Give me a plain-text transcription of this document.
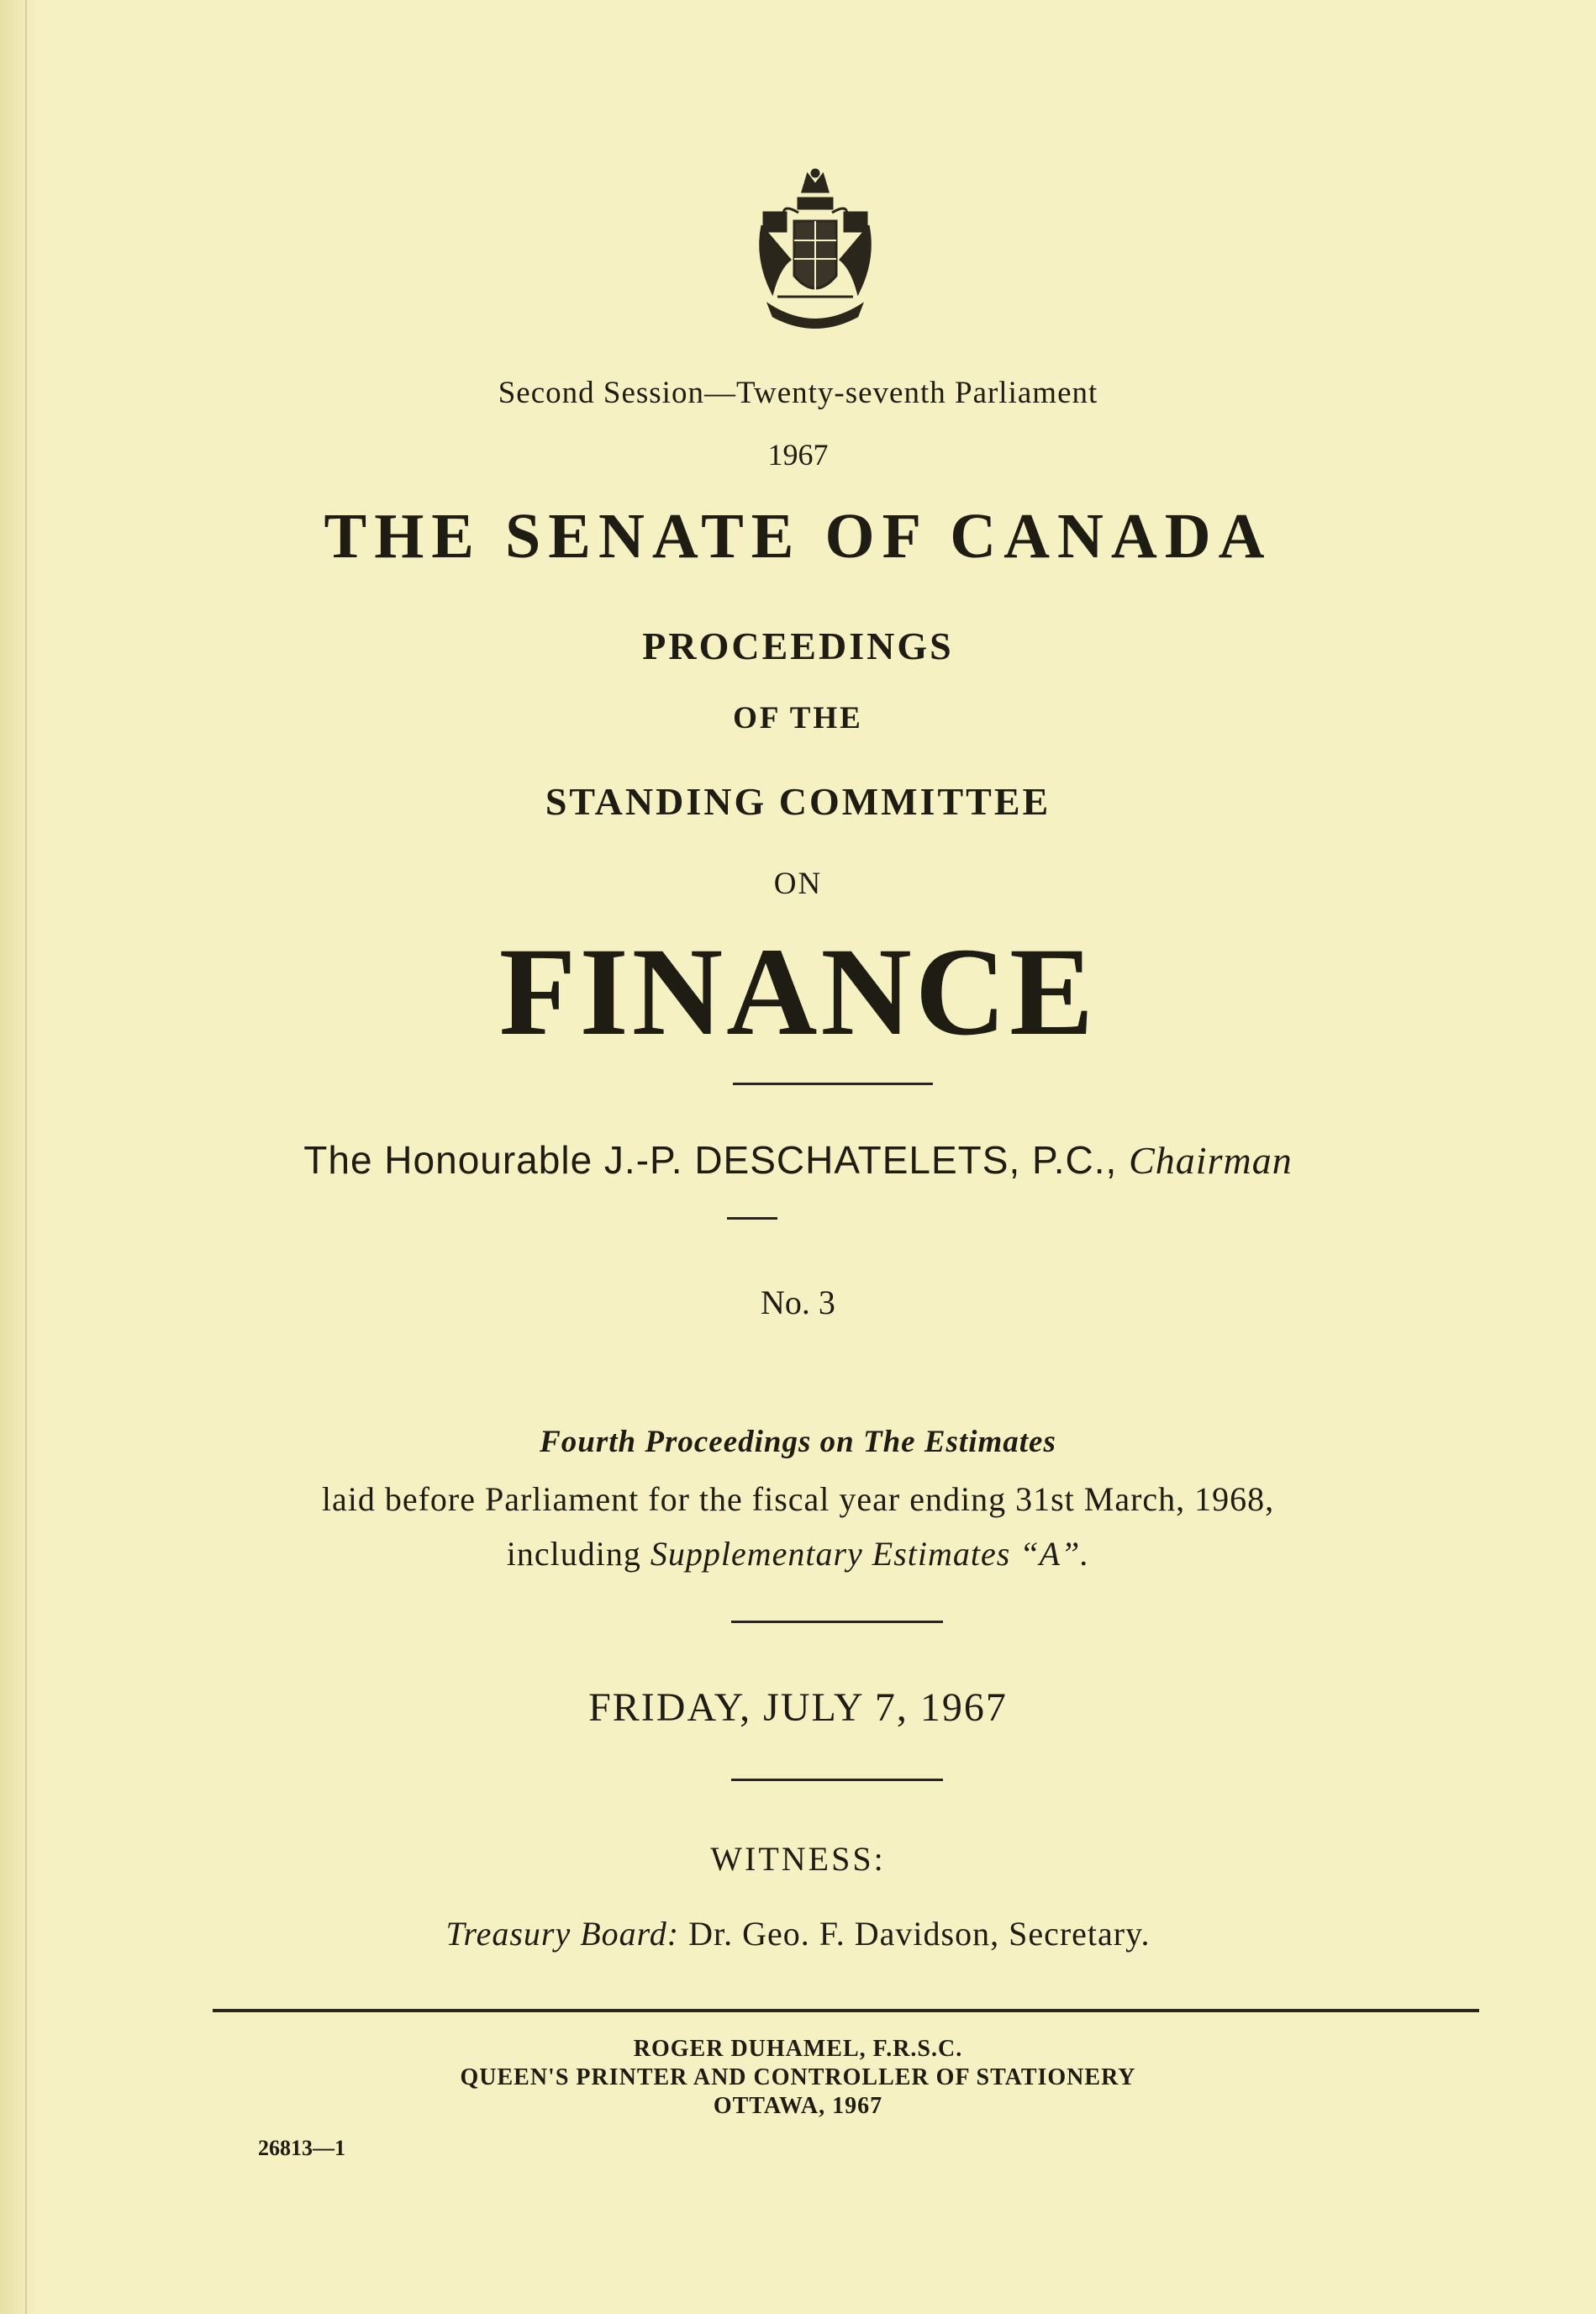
Second Session—Twenty-seventh Parliament
1967
THE SENATE OF CANADA
PROCEEDINGS
OF THE
STANDING COMMITTEE
ON
FINANCE
The Honourable J.-P. DESCHATELETS, P.C., Chairman
No. 3
Fourth Proceedings on The Estimates
laid before Parliament for the fiscal year ending 31st March, 1968,
including Supplementary Estimates “A”.
FRIDAY, JULY 7, 1967
WITNESS:
Treasury Board: Dr. Geo. F. Davidson, Secretary.
ROGER DUHAMEL, F.R.S.C.
QUEEN'S PRINTER AND CONTROLLER OF STATIONERY
OTTAWA, 1967
26813—1
